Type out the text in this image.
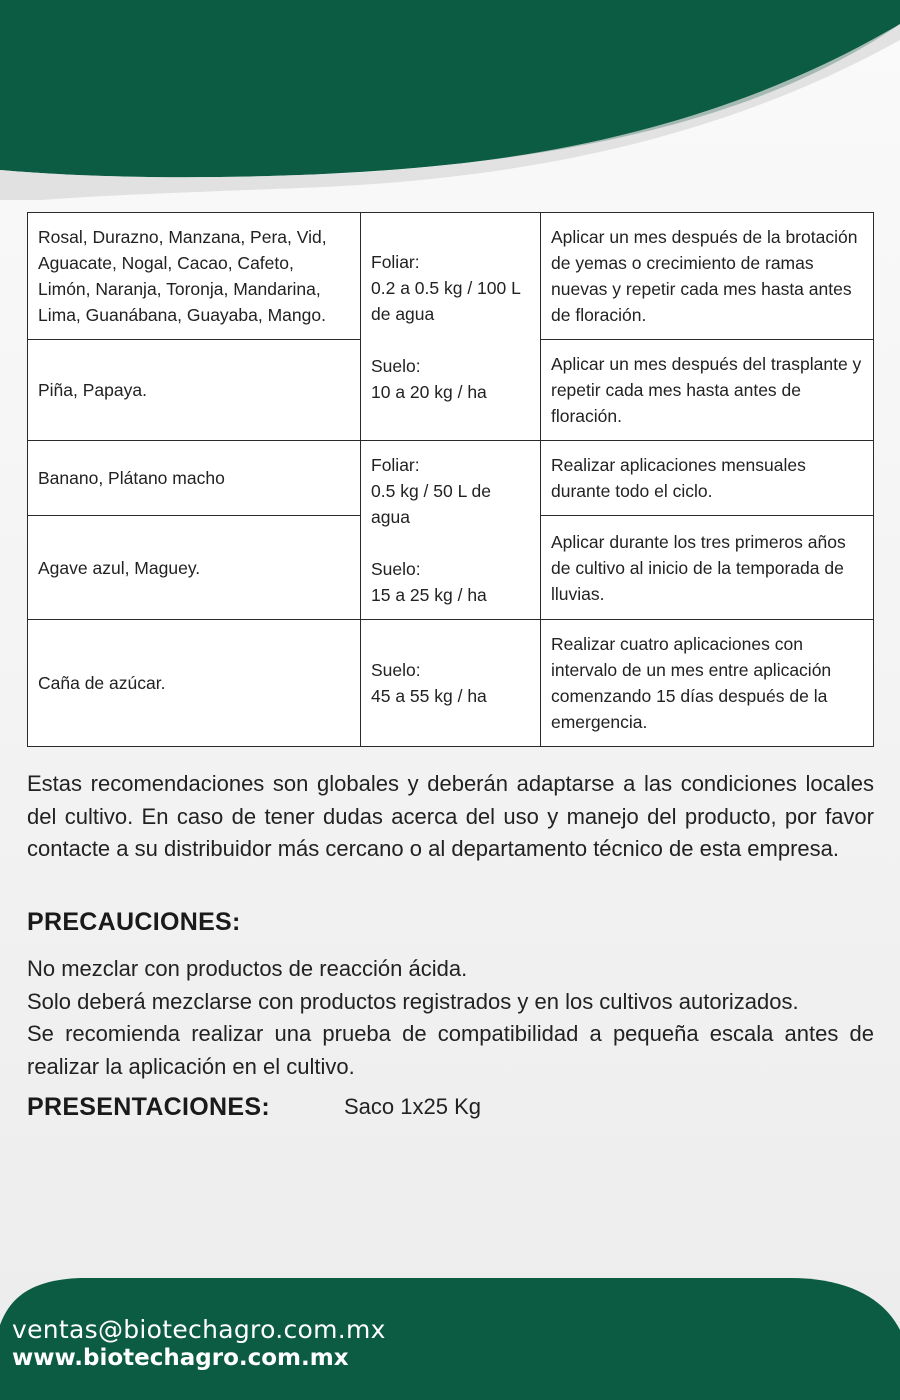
Rosal, Durazno, Manzana, Pera, Vid, Aguacate, Nogal, Cacao, Cafeto, Limón, Naranja, Toronja, Mandarina, Lima, Guanábana, Guayaba, Mango.	Foliar:
0.2 a 0.5 kg / 100 L de agua

Suelo:
10 a 20 kg / ha	Aplicar un mes después de la brotación de yemas o crecimiento de ramas nuevas y repetir cada mes hasta antes de floración.
Piña, Papaya.		Aplicar un mes después del trasplante y repetir cada mes hasta antes de floración.
Banano, Plátano macho	Foliar:
0.5 kg / 50 L de agua

Suelo:
15 a 25 kg / ha	Realizar aplicaciones mensuales durante todo el ciclo.
Agave azul, Maguey.		Aplicar durante los tres primeros años de cultivo al inicio de la temporada de lluvias.
Caña de azúcar.	Suelo:
45 a 55 kg / ha	Realizar cuatro aplicaciones con intervalo de un mes entre aplicación comenzando 15 días después de la emergencia.

Estas recomendaciones son globales y deberán adaptarse a las condiciones locales del cultivo. En caso de tener dudas acerca del uso y manejo del producto, por favor contacte a su distribuidor más cercano o al departamento técnico de esta empresa.

PRECAUCIONES:
No mezclar con productos de reacción ácida.
Solo deberá mezclarse con productos registrados y en los cultivos autorizados.
Se recomienda realizar una prueba de compatibilidad a pequeña escala antes de realizar la aplicación en el cultivo.
PRESENTACIONES:	Saco 1x25 Kg
ventas@biotechagro.com.mx
www.biotechagro.com.mx
